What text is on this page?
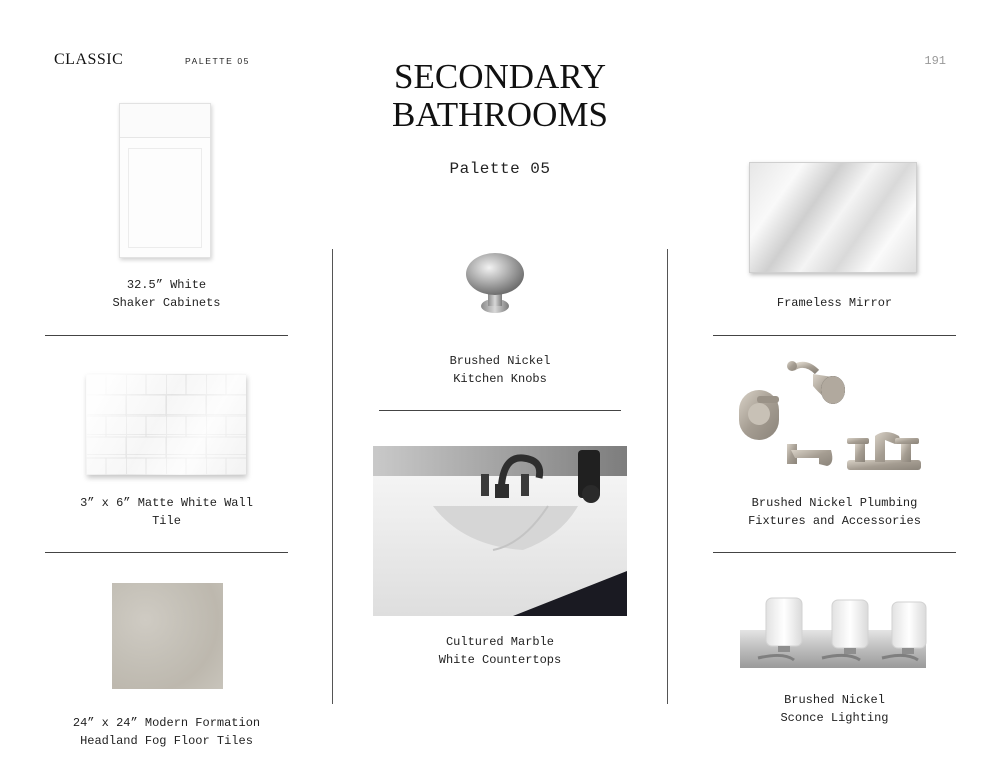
CLASSIC	PALETTE 05	191
SECONDARY
BATHROOMS
Palette 05
32.5” White
Shaker Cabinets
3” x 6” Matte White Wall
Tile
24” x 24” Modern Formation
Headland Fog Floor Tiles
Brushed Nickel
Kitchen Knobs
Cultured Marble
White Countertops
Frameless Mirror
Brushed Nickel Plumbing
Fixtures and Accessories
Brushed Nickel
Sconce Lighting
